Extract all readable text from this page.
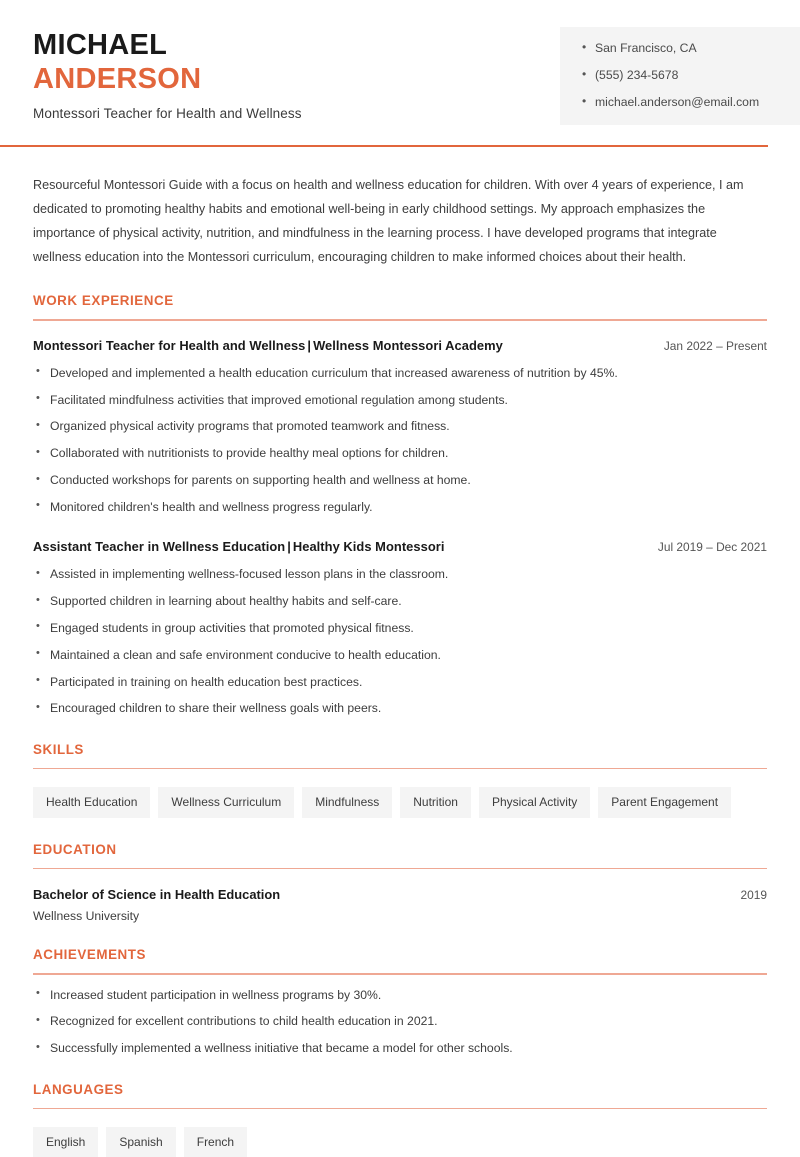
MICHAEL
ANDERSON
Montessori Teacher for Health and Wellness
• San Francisco, CA
• (555) 234-5678
• michael.anderson@email.com

Resourceful Montessori Guide with a focus on health and wellness education for children. With over 4 years of experience, I am dedicated to promoting healthy habits and emotional well-being in early childhood settings. My approach emphasizes the importance of physical activity, nutrition, and mindfulness in the learning process. I have developed programs that integrate wellness education into the Montessori curriculum, encouraging children to make informed choices about their health.

WORK EXPERIENCE
Montessori Teacher for Health and Wellness | Wellness Montessori Academy	Jan 2022 – Present
• Developed and implemented a health education curriculum that increased awareness of nutrition by 45%.
• Facilitated mindfulness activities that improved emotional regulation among students.
• Organized physical activity programs that promoted teamwork and fitness.
• Collaborated with nutritionists to provide healthy meal options for children.
• Conducted workshops for parents on supporting health and wellness at home.
• Monitored children's health and wellness progress regularly.
Assistant Teacher in Wellness Education | Healthy Kids Montessori	Jul 2019 – Dec 2021
• Assisted in implementing wellness-focused lesson plans in the classroom.
• Supported children in learning about healthy habits and self-care.
• Engaged students in group activities that promoted physical fitness.
• Maintained a clean and safe environment conducive to health education.
• Participated in training on health education best practices.
• Encouraged children to share their wellness goals with peers.
SKILLS
Health Education	Wellness Curriculum	Mindfulness	Nutrition	Physical Activity	Parent Engagement
EDUCATION
Bachelor of Science in Health Education	2019
Wellness University
ACHIEVEMENTS
• Increased student participation in wellness programs by 30%.
• Recognized for excellent contributions to child health education in 2021.
• Successfully implemented a wellness initiative that became a model for other schools.
LANGUAGES
English	Spanish	French
